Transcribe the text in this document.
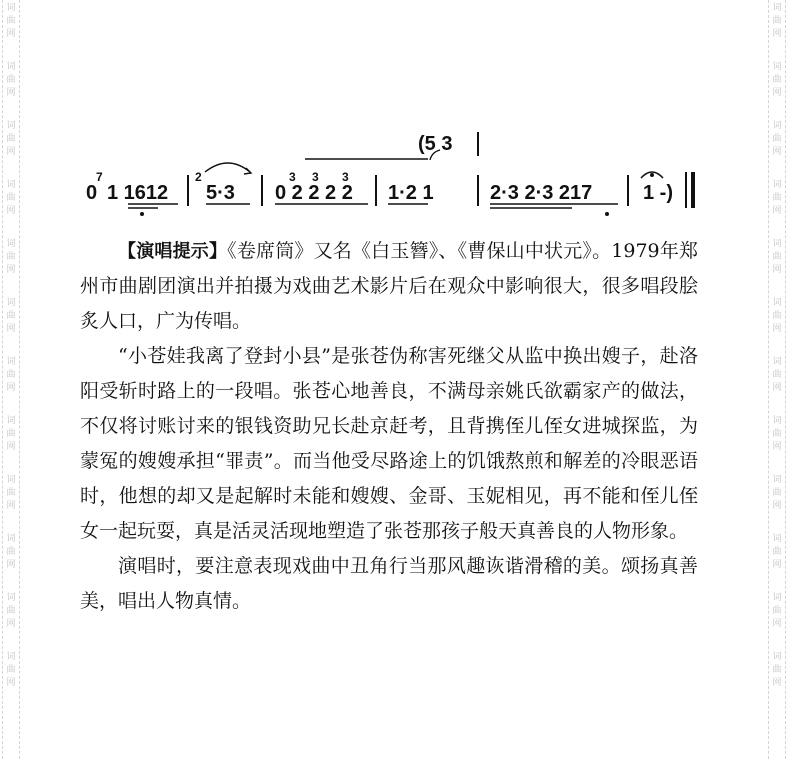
词
曲
网
词
曲
网
词
曲
网
词
曲
网
词
曲
网
词
曲
网
词
曲
网
词
曲
网
词
曲
网
词
曲
网
词
曲
网
词
曲
网
词
曲
网
词
曲
网
词
曲
网
词
曲
网
词
曲
网
词
曲
网
词
曲
网
词
曲
网
词
曲
网
词
曲
网
词
曲
网
词
曲
网
(5 3
0
7
1 1612
2
5·3 0 2 2 2 2
3 3 3
1·2 1	2·3 2·3 217	1 -)

【演唱提示】《卷席筒》又名《白玉簪》、《曹保山中状元》。1979年郑州市曲剧团演出并拍摄为戏曲艺术影片后在观众中影响很大，很多唱段脍炙人口，广为传唱。

“小苍娃我离了登封小县”是张苍伪称害死继父从监中换出嫂子，赴洛阳受斩时路上的一段唱。张苍心地善良，不满母亲姚氏欲霸家产的做法，不仅将讨账讨来的银钱资助兄长赴京赶考，且背携侄儿侄女进城探监，为蒙冤的嫂嫂承担“罪责”。而当他受尽路途上的饥饿熬煎和解差的冷眼恶语时，他想的却又是起解时未能和嫂嫂、金哥、玉妮相见，再不能和侄儿侄女一起玩耍，真是活灵活现地塑造了张苍那孩子般天真善良的人物形象。

演唱时，要注意表现戏曲中丑角行当那风趣诙谐滑稽的美。颂扬真善美，唱出人物真情。
